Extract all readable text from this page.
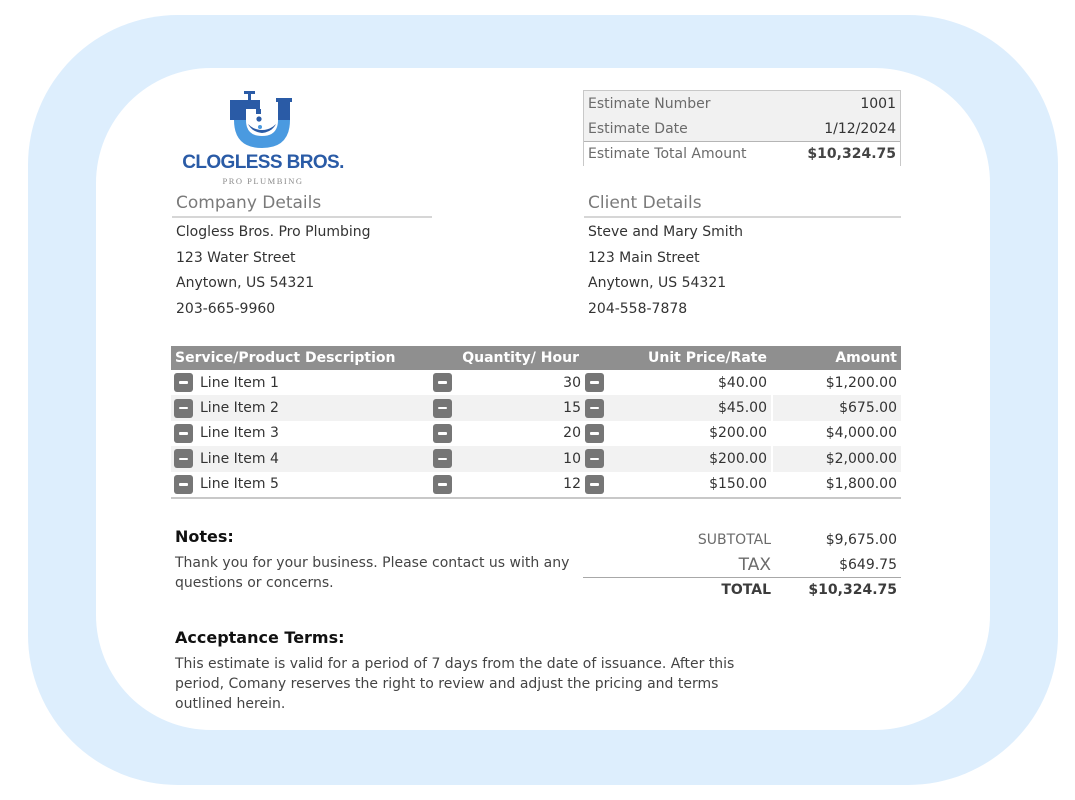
CLOGLESS BROS.
PRO PLUMBING
Estimate Number	1001
Estimate Date	1/12/2024
Estimate Total Amount	$10,324.75
Company Details
Clogless Bros. Pro Plumbing
123 Water Street
Anytown, US 54321
203-665-9960
Client Details
Steve and Mary Smith
123 Main Street
Anytown, US 54321
204-558-7878
Service/Product Description	Quantity/ Hour	Unit Price/Rate	Amount
Line Item 1	30	$40.00	$1,200.00
Line Item 2	15	$45.00	$675.00
Line Item 3	20	$200.00	$4,000.00
Line Item 4	10	$200.00	$2,000.00
Line Item 5	12	$150.00	$1,800.00
Notes:
Thank you for your business. Please contact us with any questions or concerns.
SUBTOTAL	$9,675.00
TAX	$649.75
TOTAL	$10,324.75
Acceptance Terms:
This estimate is valid for a period of 7 days from the date of issuance. After this period, Comany reserves the right to review and adjust the pricing and terms outlined herein.
